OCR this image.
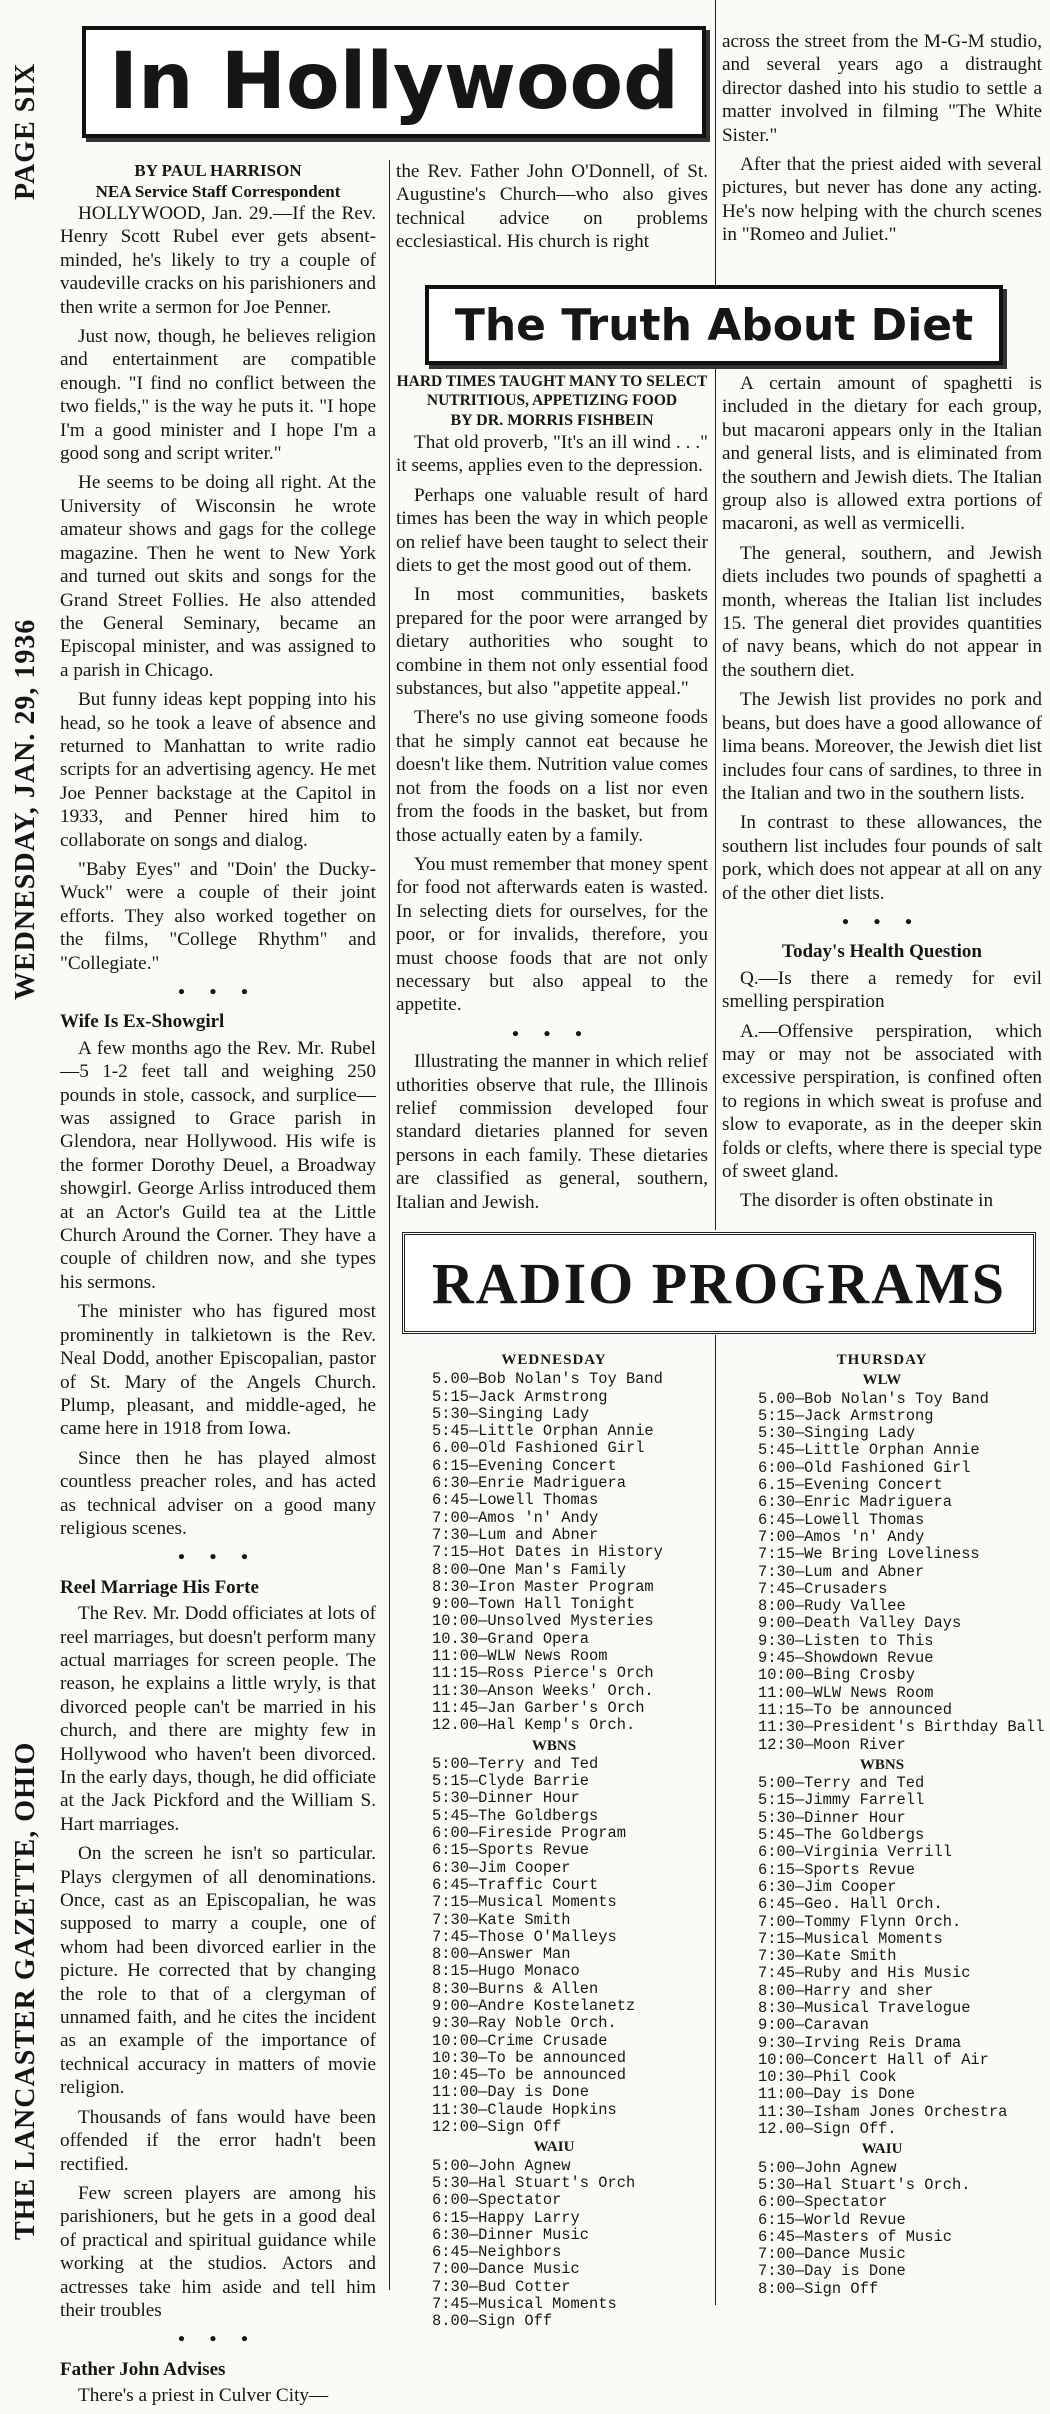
PAGE SIX
WEDNESDAY, JAN. 29, 1936
THE LANCASTER GAZETTE, OHIO
In Hollywood
BY PAUL HARRISON
NEA Service Staff Correspondent

HOLLYWOOD, Jan. 29.—If the Rev. Henry Scott Rubel ever gets absent-minded, he's likely to try a couple of vaudeville cracks on his parishioners and then write a sermon for Joe Penner.

Just now, though, he believes religion and entertainment are compatible enough. "I find no conflict between the two fields," is the way he puts it. "I hope I'm a good minister and I hope I'm a good song and script writer."

He seems to be doing all right. At the University of Wisconsin he wrote amateur shows and gags for the college magazine. Then he went to New York and turned out skits and songs for the Grand Street Follies. He also attended the General Seminary, became an Episcopal minister, and was assigned to a parish in Chicago.

But funny ideas kept popping into his head, so he took a leave of absence and returned to Manhattan to write radio scripts for an advertising agency. He met Joe Penner backstage at the Capitol in 1933, and Penner hired him to collaborate on songs and dialog.

"Baby Eyes" and "Doin' the Ducky-Wuck" were a couple of their joint efforts. They also worked together on the films, "College Rhythm" and "Collegiate."

• • •
Wife Is Ex-Showgirl

A few months ago the Rev. Mr. Rubel—5 1-2 feet tall and weighing 250 pounds in stole, cassock, and surplice—was assigned to Grace parish in Glendora, near Hollywood. His wife is the former Dorothy Deuel, a Broadway showgirl. George Arliss introduced them at an Actor's Guild tea at the Little Church Around the Corner. They have a couple of children now, and she types his sermons.

The minister who has figured most prominently in talkietown is the Rev. Neal Dodd, another Episcopalian, pastor of St. Mary of the Angels Church. Plump, pleasant, and middle-aged, he came here in 1918 from Iowa.

Since then he has played almost countless preacher roles, and has acted as technical adviser on a good many religious scenes.

• • •
Reel Marriage His Forte

The Rev. Mr. Dodd officiates at lots of reel marriages, but doesn't perform many actual marriages for screen people. The reason, he explains a little wryly, is that divorced people can't be married in his church, and there are mighty few in Hollywood who haven't been divorced. In the early days, though, he did officiate at the Jack Pickford and the William S. Hart marriages.

On the screen he isn't so particular. Plays clergymen of all denominations. Once, cast as an Episcopalian, he was supposed to marry a couple, one of whom had been divorced earlier in the picture. He corrected that by changing the role to that of a clergyman of unnamed faith, and he cites the incident as an example of the importance of technical accuracy in matters of movie religion.

Thousands of fans would have been offended if the error hadn't been rectified.

Few screen players are among his parishioners, but he gets in a good deal of practical and spiritual guidance while working at the studios. Actors and actresses take him aside and tell him their troubles

• • •
Father John Advises

There's a priest in Culver City—

the Rev. Father John O'Donnell, of St. Augustine's Church—who also gives technical advice on problems ecclesiastical. His church is right

across the street from the M-G-M studio, and several years ago a distraught director dashed into his studio to settle a matter involved in filming "The White Sister."

After that the priest aided with several pictures, but never has done any acting. He's now helping with the church scenes in "Romeo and Juliet."

The Truth About Diet
HARD TIMES TAUGHT MANY TO SELECT NUTRITIOUS, APPETIZING FOOD
BY DR. MORRIS FISHBEIN

That old proverb, "It's an ill wind . . ." it seems, applies even to the depression.

Perhaps one valuable result of hard times has been the way in which people on relief have been taught to select their diets to get the most good out of them.

In most communities, baskets prepared for the poor were arranged by dietary authorities who sought to combine in them not only essential food substances, but also "appetite appeal."

There's no use giving someone foods that he simply cannot eat because he doesn't like them. Nutrition value comes not from the foods on a list nor even from the foods in the basket, but from those actually eaten by a family.

You must remember that money spent for food not afterwards eaten is wasted. In selecting diets for ourselves, for the poor, or for invalids, therefore, you must choose foods that are not only necessary but also appeal to the appetite.

• • •

Illustrating the manner in which relief uthorities observe that rule, the Illinois relief commission developed four standard dietaries planned for seven persons in each family. These dietaries are classified as general, southern, Italian and Jewish.

A certain amount of spaghetti is included in the dietary for each group, but macaroni appears only in the Italian and general lists, and is eliminated from the southern and Jewish diets. The Italian group also is allowed extra portions of macaroni, as well as vermicelli.

The general, southern, and Jewish diets includes two pounds of spaghetti a month, whereas the Italian list includes 15. The general diet provides quantities of navy beans, which do not appear in the southern diet.

The Jewish list provides no pork and beans, but does have a good allowance of lima beans. Moreover, the Jewish diet list includes four cans of sardines, to three in the Italian and two in the southern lists.

In contrast to these allowances, the southern list includes four pounds of salt pork, which does not appear at all on any of the other diet lists.

• • •
Today's Health Question

Q.—Is there a remedy for evil smelling perspiration

A.—Offensive perspiration, which may or may not be associated with excessive perspiration, is confined often to regions in which sweat is profuse and slow to evaporate, as in the deeper skin folds or clefts, where there is special type of sweet gland.

The disorder is often obstinate in

RADIO PROGRAMS
WEDNESDAY
5.00—Bob Nolan's Toy Band
5:15—Jack Armstrong
5:30—Singing Lady
5:45—Little Orphan Annie
6.00—Old Fashioned Girl
6:15—Evening Concert
6:30—Enrie Madriguera
6:45—Lowell Thomas
7:00—Amos 'n' Andy
7:30—Lum and Abner
7:15—Hot Dates in History
8:00—One Man's Family
8:30—Iron Master Program
9:00—Town Hall Tonight
10:00—Unsolved Mysteries
10.30—Grand Opera
11:00—WLW News Room
11:15—Ross Pierce's Orch
11:30—Anson Weeks' Orch.
11:45—Jan Garber's Orch
12.00—Hal Kemp's Orch.
WBNS
5:00—Terry and Ted
5:15—Clyde Barrie
5:30—Dinner Hour
5:45—The Goldbergs
6:00—Fireside Program
6:15—Sports Revue
6:30—Jim Cooper
6:45—Traffic Court
7:15—Musical Moments
7:30—Kate Smith
7:45—Those O'Malleys
8:00—Answer Man
8:15—Hugo Monaco
8:30—Burns & Allen
9:00—Andre Kostelanetz
9:30—Ray Noble Orch.
10:00—Crime Crusade
10:30—To be announced
10:45—To be announced
11:00—Day is Done
11:30—Claude Hopkins
12:00—Sign Off
WAIU
5:00—John Agnew
5:30—Hal Stuart's Orch
6:00—Spectator
6:15—Happy Larry
6:30—Dinner Music
6:45—Neighbors
7:00—Dance Music
7:30—Bud Cotter
7:45—Musical Moments
8.00—Sign Off
THURSDAY
WLW
5.00—Bob Nolan's Toy Band
5:15—Jack Armstrong
5:30—Singing Lady
5:45—Little Orphan Annie
6:00—Old Fashioned Girl
6.15—Evening Concert
6:30—Enric Madriguera
6:45—Lowell Thomas
7:00—Amos 'n' Andy
7:15—We Bring Loveliness
7:30—Lum and Abner
7:45—Crusaders
8:00—Rudy Vallee
9:00—Death Valley Days
9:30—Listen to This
9:45—Showdown Revue
10:00—Bing Crosby
11:00—WLW News Room
11:15—To be announced
11:30—President's Birthday Ball
12:30—Moon River
WBNS
5:00—Terry and Ted
5:15—Jimmy Farrell
5:30—Dinner Hour
5:45—The Goldbergs
6:00—Virginia Verrill
6:15—Sports Revue
6:30—Jim Cooper
6:45—Geo. Hall Orch.
7:00—Tommy Flynn Orch.
7:15—Musical Moments
7:30—Kate Smith
7:45—Ruby and His Music
8:00—Harry and sher
8:30—Musical Travelogue
9:00—Caravan
9:30—Irving Reis Drama
10:00—Concert Hall of Air
10:30—Phil Cook
11:00—Day is Done
11:30—Isham Jones Orchestra
12.00—Sign Off.
WAIU
5:00—John Agnew
5:30—Hal Stuart's Orch.
6:00—Spectator
6:15—World Revue
6:45—Masters of Music
7:00—Dance Music
7:30—Day is Done
8:00—Sign Off
